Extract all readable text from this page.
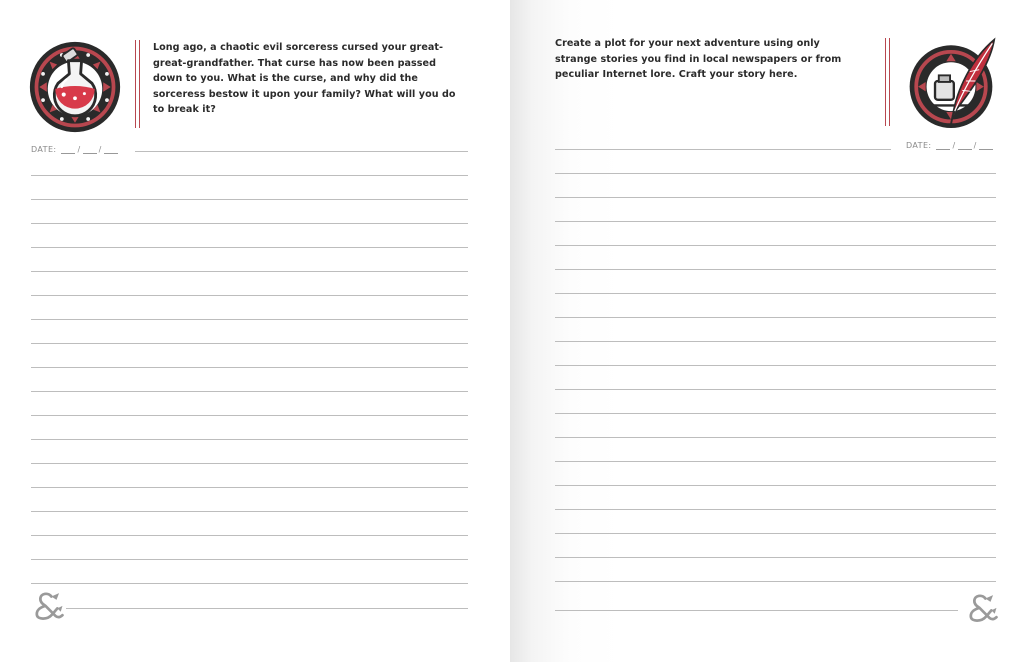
Long ago, a chaotic evil sorceress cursed your great-great-grandfather. That curse has now been passed down to you. What is the curse, and why did the sorceress bestow it upon your family? What will you do to break it?

DATE:	/ /

Create a plot for your next adventure using only strange stories you find in local newspapers or from peculiar Internet lore. Craft your story here.

DATE:	/ /
